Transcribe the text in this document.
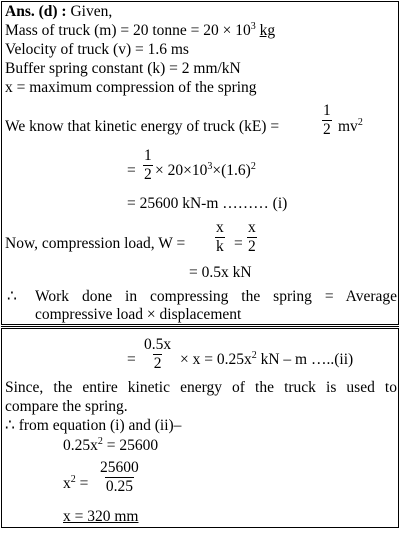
Ans. (d) : Given,
Mass of truck (m) = 20 tonne = $20 \times 10^3$ kg
Velocity of truck (v) = 1.6 ms
Buffer spring constant (k) = 2 mm/kN
x = maximum compression of the spring
We know that kinetic energy of truck (kE) =	$\frac{1}{2} mv^2$
= $\frac{1}{2} \times 20\times 10^3\times(1.6)^2$
= 25600 kN-m ……… (i)
Now, compression load, $W = \frac{x}{k} = \frac{x}{2}$
= 0.5x kN
∴ Work done in compressing the spring = Average
compressive load × displacement
= $\frac{0.5x}{2} \times x = 0.25x^2$ kN – m …..(ii)
Since, the entire kinetic energy of the truck is used to
compare the spring.
∴ from equation (i) and (ii)–
$0.25x^2 = 25600$
$x^2 = \frac{25600}{0.25}$
x = 320 mm
